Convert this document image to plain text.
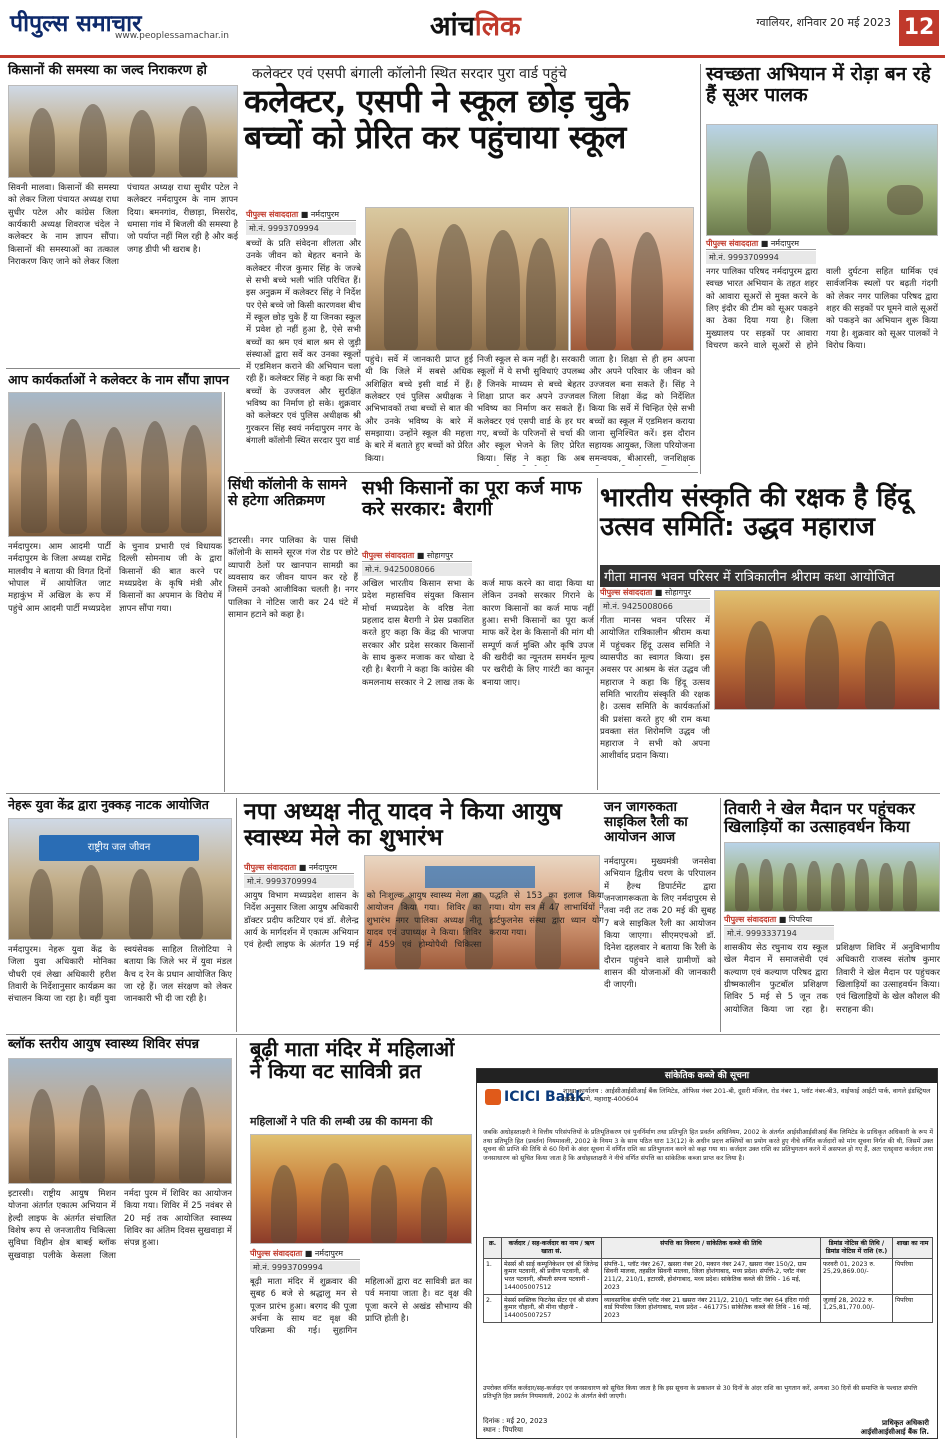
पीपुल्स समाचार
www.peoplessamachar.in	आंचलिक	ग्वालियर, शनिवार 20 मई 2023 12
किसानों की समस्या का जल्द निराकरण हो
सिवनी मालवा। किसानों की समस्या को लेकर जिला पंचायत अध्यक्ष राधा सुधीर पटेल और कांग्रेस जिला कार्यकारी अध्यक्ष शिवराज चंदेल ने कलेक्टर के नाम ज्ञापन सौंपा। किसानों की समस्याओं का तत्काल निराकरण किए जाने को लेकर जिला पंचायत अध्यक्ष राधा सुधीर पटेल ने कलेक्टर नर्मदापुरम के नाम ज्ञापन दिया। बमनगांव, रीछाड़ा, मिसरोद, धमासा गांव में बिजली की समस्या है जो पर्याप्त नहीं मिल रही है और कई जगह डीपी भी खराब है।
आप कार्यकर्ताओं ने कलेक्टर के नाम सौंपा ज्ञापन
नर्मदापुरम। आम आदमी पार्टी नर्मदापुरम के जिला अध्यक्ष रामेंद्र मालवीय ने बताया की विगत दिनों भोपाल में आयोजित जाट महाकुंभ में अखिल के रूप में पहुंचे आम आदमी पार्टी मध्यप्रदेश के चुनाव प्रभारी एवं विधायक दिल्ली सोमनाथ जी के द्वारा किसानों की बात करने पर मध्यप्रदेश के कृषि मंत्री और किसानों का अपमान के विरोध में ज्ञापन सौंपा गया।
सिंधी कॉलोनी के सामने से हटेगा अतिक्रमण
इटारसी। नगर पालिका के पास सिंधी कॉलोनी के सामने सूरज गंज रोड पर छोटे व्यापारी ठेलों पर खानपान सामग्री का व्यवसाय कर जीवन यापन कर रहे हैं जिसमें उनको आजीविका चलती है। नगर पालिका ने नोटिस जारी कर 24 घंटे में सामान हटाने को कहा है।
कलेक्टर एवं एसपी बंगाली कॉलोनी स्थित सरदार पुरा वार्ड पहुंचे
कलेक्टर, एसपी ने स्कूल छोड़ चुके बच्चों को प्रेरित कर पहुंचाया स्कूल
पीपुल्स संवाददाता ■ नर्मदापुरम
मो.नं. 9993709994
बच्चों के प्रति संवेदना शीलता और उनके जीवन को बेहतर बनाने के कलेक्टर नीरज कुमार सिंह के जज्बे से सभी बच्चे भली भांति परिचित हैं। इस अनुक्रम में कलेक्टर सिंह ने निर्देश पर ऐसे बच्चे जो किसी कारणवश बीच में स्कूल छोड़ चुके हैं या जिनका स्कूल में प्रवेश हो नहीं हुआ है, ऐसे सभी बच्चों का श्रम एवं बाल श्रम से जुड़ी संस्थाओं द्वारा सर्वे कर उनका स्कूलों में एडमिशन कराने की अभियान चला रही हैं। कलेक्टर सिंह ने कहा कि सभी बच्चों के उज्जवल और सुरक्षित भविष्य का निर्माण हो सके। शुक्रवार को कलेक्टर एवं पुलिस अधीक्षक श्री गुरकरन सिंह स्वयं नर्मदापुरम नगर के बंगाली कॉलोनी स्थित सरदार पुरा वार्ड
पहुंचे। सर्वे में जानकारी प्राप्त हुई थी कि जिले में सबसे अधिक अशिक्षित बच्चे इसी वार्ड में हैं। कलेक्टर एवं पुलिस अधीक्षक ने अभिभावकों तथा बच्चों से बात की और उनके भविष्य के बारे में समझाया। उन्होंने स्कूल की महत्ता के बारे में बताते हुए बच्चों को प्रेरित किया।
निजी स्कूल से कम नहीं है। सरकारी स्कूलों में ये सभी सुविधाएं उपलब्ध हैं जिनके माध्यम से बच्चे बेहतर शिक्षा प्राप्त कर अपने उज्जवल भविष्य का निर्माण कर सकते हैं। कलेक्टर एवं एसपी वार्ड के हर घर गए, बच्चों के परिजनों से चर्चा की और स्कूल भेजने के लिए प्रेरित किया। सिंह ने कहा कि अब
जाता है। शिक्षा से ही हम अपना और अपने परिवार के जीवन को उज्जवल बना सकते हैं। सिंह ने जिला शिक्षा केंद्र को निर्देशित किया कि सर्वे में चिन्हित ऐसे सभी बच्चों का स्कूल में एडमिशन कराया जाना सुनिश्चित करें। इस दौरान सहायक आयुक्त, जिला परियोजना समन्वयक, बीआरसी, जनशिक्षक
सभी किसानों का पूरा कर्ज माफ करे सरकार: बैरागी
पीपुल्स संवाददाता ■ सोहागपुर
मो.नं. 9425008066
अखिल भारतीय किसान सभा के प्रदेश महासचिव संयुक्त किसान मोर्चा मध्यप्रदेश के वरिष्ठ नेता प्रहलाद दास बैरागी ने प्रेस प्रकाशित करते हुए कहा कि केंद्र की भाजपा सरकार और प्रदेश सरकार किसानों के साथ कुरूर मजाक कर धोखा दे रही है। बैरागी ने कहा कि कांग्रेस की कमलनाथ सरकार ने 2 लाख तक के कर्ज माफ करने का वादा किया था लेकिन उनको सरकार गिराने के कारण किसानों का कर्ज माफ नहीं हुआ। सभी किसानों का पूरा कर्ज माफ करें देश के किसानों की मांग थी सम्पूर्ण कर्ज मुक्ति और कृषि उपज की खरीदी का न्यूनतम समर्थन मूल्य पर खरीदी के लिए गारंटी का कानून बनाया जाए।
स्वच्छता अभियान में रोड़ा बन रहे हैं सूअर पालक
पीपुल्स संवाददाता ■ नर्मदापुरम
मो.नं. 9993709994
नगर पालिका परिषद नर्मदापुरम द्वारा स्वच्छ भारत अभियान के तहत शहर को आवारा सूअरों से मुक्त करने के लिए इंदौर की टीम को सूअर पकड़ने का ठेका दिया गया है। जिला मुख्यालय पर सड़कों पर आवारा विचरण करने वाले सूअरों से होने वाली दुर्घटना सहित धार्मिक एवं सार्वजनिक स्थलों पर बढ़ती गंदगी को लेकर नगर पालिका परिषद द्वारा शहर की सड़कों पर घूमने वाले सूअरों को पकड़ने का अभियान शुरू किया गया है। शुक्रवार को सूअर पालकों ने विरोध किया।
भारतीय संस्कृति की रक्षक है हिंदू उत्सव समिति: उद्धव महाराज
गीता मानस भवन परिसर में रात्रिकालीन श्रीराम कथा आयोजित
पीपुल्स संवाददाता ■ सोहागपुर
मो.नं. 9425008066
गीता मानस भवन परिसर में आयोजित रात्रिकालीन श्रीराम कथा में पहुंचकर हिंदू उत्सव समिति ने व्यासपीठ का स्वागत किया। इस अवसर पर आश्रम के संत उद्धव जी महाराज ने कहा कि हिंदू उत्सव समिति भारतीय संस्कृति की रक्षक है। उत्सव समिति के कार्यकर्ताओं की प्रशंसा करते हुए श्री राम कथा प्रवक्ता संत शिरोमणि उद्धव जी महाराज ने सभी को अपना आशीर्वाद प्रदान किया।
नेहरू युवा केंद्र द्वारा नुक्कड़ नाटक आयोजित
राष्ट्रीय जल जीवन
नर्मदापुरम। नेहरू युवा केंद्र के जिला युवा अधिकारी मोनिका चौधरी एवं लेखा अधिकारी हरीश तिवारी के निर्देशानुसार कार्यक्रम का संचालन किया जा रहा है। वहीं युवा स्वयंसेवक साहिल तिलोटिया ने बताया कि जिले भर में युवा मंडल कैच द रेन के प्रधान आयोजित किए जा रहे हैं। जल संरक्षण को लेकर जानकारी भी दी जा रही है।
नपा अध्यक्ष नीतू यादव ने किया आयुष स्वास्थ्य मेले का शुभारंभ
पीपुल्स संवाददाता ■ नर्मदापुरम
मो.नं. 9993709994
आयुष विभाग मध्यप्रदेश शासन के निर्देश अनुसार जिला आयुष अधिकारी डॉक्टर प्रदीप कटियार एवं डॉ. शैलेन्द्र आर्य के मार्गदर्शन में एकात्म अभियान एवं हेल्दी लाइफ के अंतर्गत 19 मई को निःशुल्क आयुष स्वास्थ्य मेला का आयोजन किया गया। शिविर का शुभारंभ नगर पालिका अध्यक्ष नीतू यादव एवं उपाध्यक्ष ने किया। शिविर में 459 एवं होम्योपैथी चिकित्सा पद्धति से 153 का इलाज किया गया। योग सत्र में 47 लाभार्थियों ने हार्टफुलनेस संस्था द्वारा ध्यान योग कराया गया।
जन जागरुकता साइकिल रैली का आयोजन आज
नर्मदापुरम। मुख्यमंत्री जनसेवा अभियान द्वितीय चरण के परिपालन में हैल्थ डिपार्टमेंट द्वारा जनजागरूकता के लिए नर्मदापुरम से तवा नदी तट तक 20 मई की सुबह 7 बजे साइकिल रैली का आयोजन किया जाएगा। सीएमएचओ डॉ. दिनेश दहलवार ने बताया कि रैली के दौरान पहुंचने वाले ग्रामीणों को शासन की योजनाओं की जानकारी दी जाएगी।
तिवारी ने खेल मैदान पर पहुंचकर खिलाड़ियों का उत्साहवर्धन किया
पीपुल्स संवाददाता ■ पिपरिया
मो.नं. 9993337194
शासकीय सेठ रघुनाथ राय स्कूल खेल मैदान में समाजसेवी एवं कल्याण एवं कल्याण परिषद द्वारा ग्रीष्मकालीन फुटबॉल प्रशिक्षण शिविर 5 मई से 5 जून तक आयोजित किया जा रहा है। प्रशिक्षण शिविर में अनुविभागीय अधिकारी राजस्व संतोष कुमार तिवारी ने खेल मैदान पर पहुंचकर खिलाड़ियों का उत्साहवर्धन किया। एवं खिलाड़ियों के खेल कौशल की सराहना की।
ब्लॉक स्तरीय आयुष स्वास्थ्य शिविर संपन्न
इटारसी। राष्ट्रीय आयुष मिशन योजना अंतर्गत एकात्म अभियान में हेल्दी लाइफ के अंतर्गत संचालित विशेष रूप से जनजातीय चिकित्सा सुविधा विहीन क्षेत्र बाबई ब्लॉक सुखवाड़ा पलीके केसला जिला नर्मदा पुरम में शिविर का आयोजन किया गया। शिविर में 25 नवंबर से 20 मई तक आयोजित स्वास्थ्य शिविर का अंतिम दिवस सुखवाड़ा में संपन्न हुआ।
बूढ़ी माता मंदिर में महिलाओं ने किया वट सावित्री व्रत
महिलाओं ने पति की लम्बी उम्र की कामना की
पीपुल्स संवाददाता ■ नर्मदापुरम
मो.नं. 9993709994
बूढ़ी माता मंदिर में शुक्रवार की सुबह 6 बजे से श्रद्धालु मन से पूजन प्रारंभ हुआ। बरगद की पूजा अर्चना के साथ वट वृक्ष की परिक्रमा की गई। सुहागिन महिलाओं द्वारा वट सावित्री व्रत का पर्व मनाया जाता है। वट वृक्ष की पूजा करने से अखंड सौभाग्य की प्राप्ति होती है।
सांकेतिक कब्जे की सूचना
ICICI Bank
शाखा कार्यालय : आईसीआईसीआई बैंक लिमिटेड, ऑफिस नंबर 201-बी, दूसरी मंजिल, रोड नंबर 1, प्लॉट नंबर-बी3, वाईफाई आईटी पार्क, वागले इंडस्ट्रियल एस्टेट, ठाणे, महाराष्ट्र-400604
जबकि अधोहस्ताक्षरी ने वित्तीय परिसंपत्तियों के प्रतिभूतिकरण एवं पुनर्निर्माण तथा प्रतिभूति हित प्रवर्तन अधिनियम, 2002 के अंतर्गत आईसीआईसीआई बैंक लिमिटेड के प्राधिकृत अधिकारी के रूप में तथा प्रतिभूति हित (प्रवर्तन) नियमावली, 2002 के नियम 3 के साथ पठित धारा 13(12) के अधीन प्रदत्त शक्तियों का प्रयोग करते हुए नीचे वर्णित कर्जदारों को मांग सूचना निर्गत की थी, जिसमें उक्त सूचना की प्राप्ति की तिथि से 60 दिनों के अंदर सूचना में वर्णित राशि का प्रतिभुगतान करने को कहा गया था। कर्जदार उक्त राशि का प्रतिभुगतान करने में असफल हो गए हैं, अतः एतद्द्वारा कर्जदार तथा जनसाधारण को सूचित किया जाता है कि अधोहस्ताक्षरी ने नीचे वर्णित संपत्ति का सांकेतिक कब्जा प्राप्त कर लिया है।
क्र.	कर्जदार / सह-कर्जदार का नाम / ऋण खाता सं.	संपत्ति का विवरण / सांकेतिक कब्जे की तिथि	डिमांड नोटिस की तिथि / डिमांड नोटिस में राशि (रु.)	शाखा का नाम
1.	मेसर्स श्री साई कम्यूनिकेशन एवं श्री जितेन्द्र कुमार पटवानी, श्री प्रवीण पटवानी, श्री भरत पटवानी, श्रीमती सपना पटवानी - 144005007512	संपत्ति-1, प्लॉट नंबर 267, खसरा नंबर 20, मकान नंबर 247, खसरा नंबर 150/2, ग्राम सिवनी मालवा, तहसील सिवनी मालवा, जिला होशंगाबाद, मध्य प्रदेश। संपत्ति-2, प्लॉट नंबर 211/2, 210/1, इटारसी, होशंगाबाद, मध्य प्रदेश। सांकेतिक कब्जे की तिथि - 16 मई, 2023	फरवरी 01, 2023 रु. 25,29,869.00/-	पिपरिया
2.	मेसर्स स्वस्तिक फिटनेस सेंटर एवं श्री संजय कुमार चौहानी, श्री मीना चौहानी - 144005007257	व्यावसायिक संपत्ति प्लॉट नंबर 21 खसरा नंबर 211/2, 210/1 प्लॉट नंबर 64 इंदिरा गांधी वार्ड पिपरिया जिला होशंगाबाद, मध्य प्रदेश - 461775। सांकेतिक कब्जे की तिथि - 16 मई, 2023	जुलाई 28, 2022 रु. 1,25,81,770.00/-	पिपरिया
उपरोक्त वर्णित कर्जदार/सह-कर्जदार एवं जनसाधारण को सूचित किया जाता है कि इस सूचना के प्रकाशन से 30 दिनों के अंदर राशि का भुगतान करें, अन्यथा 30 दिनों की समाप्ति के पश्चात संपत्ति प्रतिभूति हित प्रवर्तन नियमावली, 2002 के अंतर्गत बेची जाएगी।
दिनांक : मई 20, 2023
स्थान : पिपरिया
प्राधिकृत अधिकारी
आईसीआईसीआई बैंक लि.
